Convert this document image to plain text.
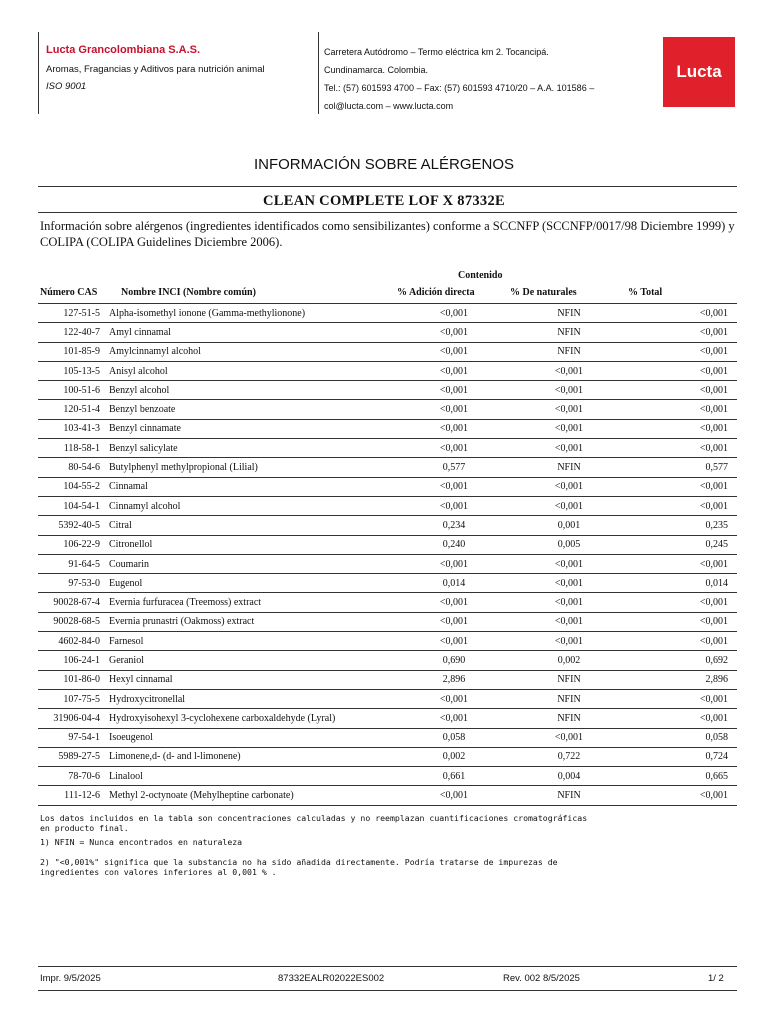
Lucta Grancolombiana S.A.S.
Aromas, Fragancias y Aditivos para nutrición animal
ISO 9001
Carretera Autódromo – Termo eléctrica km 2. Tocancipá.
Cundinamarca. Colombia.
Tel.: (57) 601593 4700 – Fax: (57) 601593 4710/20 – A.A. 101586 –
col@lucta.com – www.lucta.com
Lucta
INFORMACIÓN SOBRE ALÉRGENOS
CLEAN COMPLETE LOF X 87332E
Información sobre alérgenos (ingredientes identificados como sensibilizantes) conforme a SCCNFP (SCCNFP/0017/98 Diciembre 1999) y COLIPA (COLIPA Guidelines Diciembre 2006).
Contenido
Número CAS Nombre INCI (Nombre común)	% Adición directa	% De naturales	% Total
127-51-5	Alpha-isomethyl ionone (Gamma-methylionone)	<0,001	NFIN	<0,001
122-40-7	Amyl cinnamal	<0,001	NFIN	<0,001
101-85-9	Amylcinnamyl alcohol	<0,001	NFIN	<0,001
105-13-5	Anisyl alcohol	<0,001	<0,001	<0,001
100-51-6	Benzyl alcohol	<0,001	<0,001	<0,001
120-51-4	Benzyl benzoate	<0,001	<0,001	<0,001
103-41-3	Benzyl cinnamate	<0,001	<0,001	<0,001
118-58-1	Benzyl salicylate	<0,001	<0,001	<0,001
80-54-6	Butylphenyl methylpropional (Lilial)	0,577	NFIN	0,577
104-55-2	Cinnamal	<0,001	<0,001	<0,001
104-54-1	Cinnamyl alcohol	<0,001	<0,001	<0,001
5392-40-5	Citral	0,234	0,001	0,235
106-22-9	Citronellol	0,240	0,005	0,245
91-64-5	Coumarin	<0,001	<0,001	<0,001
97-53-0	Eugenol	0,014	<0,001	0,014
90028-67-4	Evernia furfuracea (Treemoss) extract	<0,001	<0,001	<0,001
90028-68-5	Evernia prunastri (Oakmoss) extract	<0,001	<0,001	<0,001
4602-84-0	Farnesol	<0,001	<0,001	<0,001
106-24-1	Geraniol	0,690	0,002	0,692
101-86-0	Hexyl cinnamal	2,896	NFIN	2,896
107-75-5	Hydroxycitronellal	<0,001	NFIN	<0,001
31906-04-4	Hydroxyisohexyl 3-cyclohexene carboxaldehyde (Lyral)	<0,001	NFIN	<0,001
97-54-1	Isoeugenol	0,058	<0,001	0,058
5989-27-5	Limonene,d- (d- and l-limonene)	0,002	0,722	0,724
78-70-6	Linalool	0,661	0,004	0,665
111-12-6	Methyl 2-octynoate (Mehylheptine carbonate)	<0,001	NFIN	<0,001

Los datos incluidos en la tabla son concentraciones calculadas y no reemplazan cuantificaciones cromatográficas
en producto final.

1) NFIN = Nunca encontrados en naturaleza

2) "<0,001%" significa que la substancia no ha sido añadida directamente. Podría tratarse de impurezas de
ingredientes con valores inferiores al 0,001 % .

Impr. 9/5/2025	87332EALR02022ES002	Rev. 002 8/5/2025	1/ 2
